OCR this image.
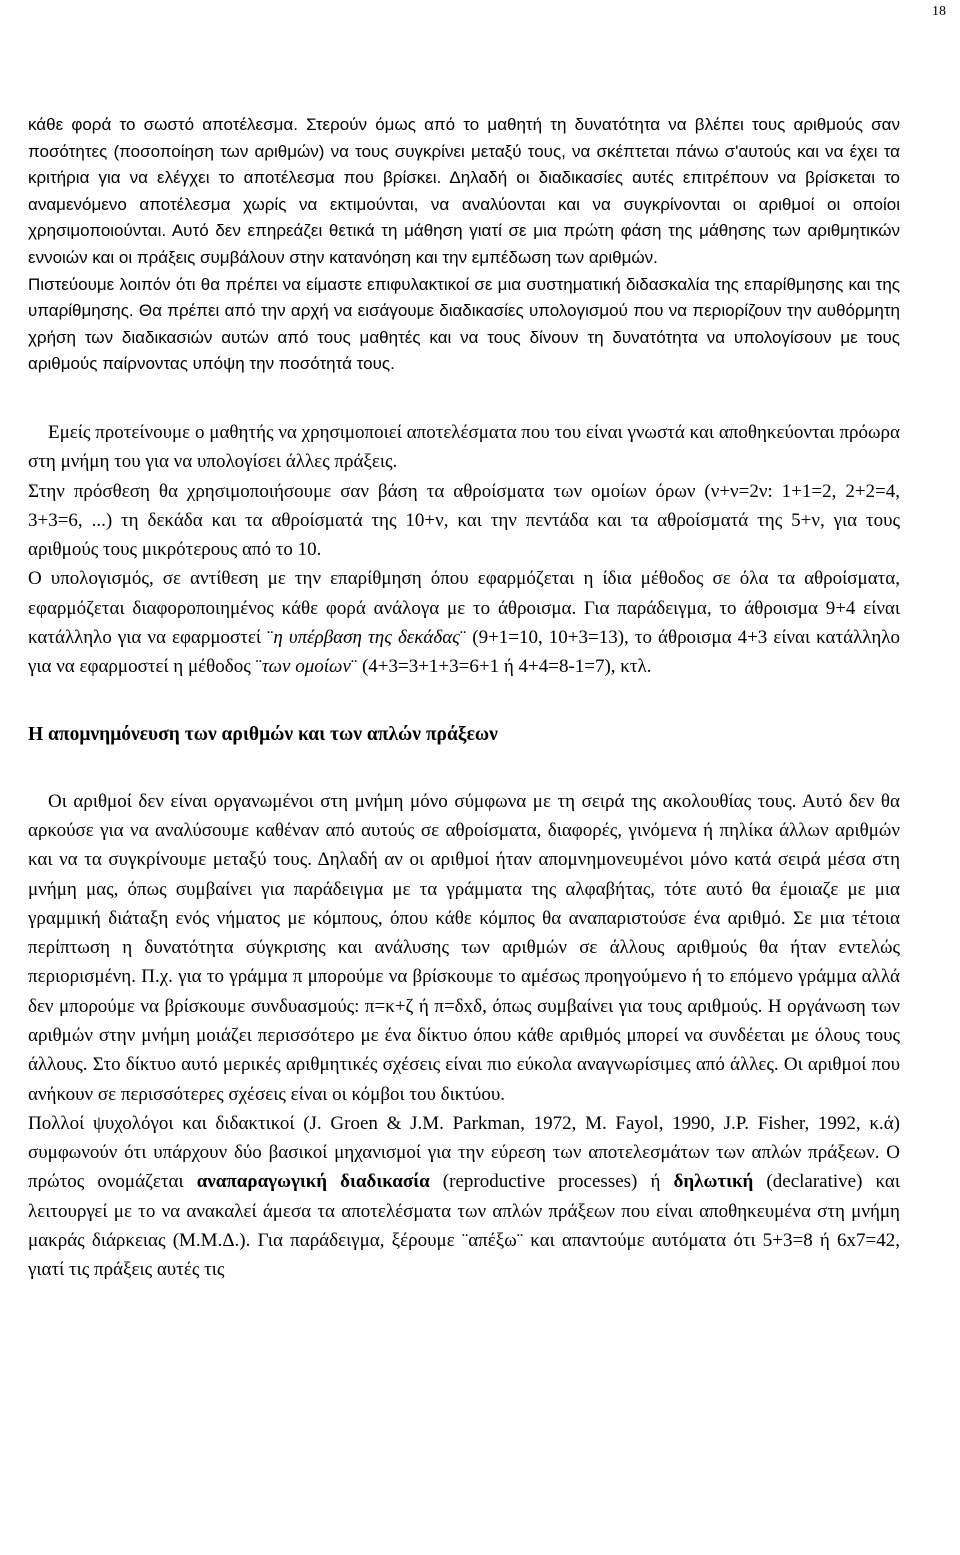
18

κάθε φορά το σωστό αποτέλεσμα. Στερούν όμως από το μαθητή τη δυνατότητα να βλέπει τους αριθμούς σαν ποσότητες (ποσοποίηση των αριθμών) να τους συγκρίνει μεταξύ τους, να σκέπτεται πάνω σ'αυτούς και να έχει τα κριτήρια για να ελέγχει το αποτέλεσμα που βρίσκει. Δηλαδή οι διαδικασίες αυτές επιτρέπουν να βρίσκεται το αναμενόμενο αποτέλεσμα χωρίς να εκτιμούνται, να αναλύονται και να συγκρίνονται οι αριθμοί οι οποίοι χρησιμοποιούνται. Αυτό δεν επηρεάζει θετικά τη μάθηση γιατί σε μια πρώτη φάση της μάθησης των αριθμητικών εννοιών και οι πράξεις συμβάλουν στην κατανόηση και την εμπέδωση των αριθμών.

Πιστεύουμε λοιπόν ότι θα πρέπει να είμαστε επιφυλακτικοί σε μια συστηματική διδασκαλία της επαρίθμησης και της υπαρίθμησης. Θα πρέπει από την αρχή να εισάγουμε διαδικασίες υπολογισμού που να περιορίζουν την αυθόρμητη χρήση των διαδικασιών αυτών από τους μαθητές και να τους δίνουν τη δυνατότητα να υπολογίσουν με τους αριθμούς παίρνοντας υπόψη την ποσότητά τους.

Εμείς προτείνουμε ο μαθητής να χρησιμοποιεί αποτελέσματα που του είναι γνωστά και αποθηκεύονται πρόωρα στη μνήμη του για να υπολογίσει άλλες πράξεις.

Στην πρόσθεση θα χρησιμοποιήσουμε σαν βάση τα αθροίσματα των ομοίων όρων (ν+ν=2ν: 1+1=2, 2+2=4, 3+3=6, ...) τη δεκάδα και τα αθροίσματά της 10+ν, και την πεντάδα και τα αθροίσματά της 5+ν, για τους αριθμούς τους μικρότερους από το 10.

Ο υπολογισμός, σε αντίθεση με την επαρίθμηση όπου εφαρμόζεται η ίδια μέθοδος σε όλα τα αθροίσματα, εφαρμόζεται διαφοροποιημένος κάθε φορά ανάλογα με το άθροισμα. Για παράδειγμα, το άθροισμα 9+4 είναι κατάλληλο για να εφαρμοστεί ¨η υπέρβαση της δεκάδας¨ (9+1=10, 10+3=13), το άθροισμα 4+3 είναι κατάλληλο για να εφαρμοστεί η μέθοδος ¨των ομοίων¨ (4+3=3+1+3=6+1 ή 4+4=8-1=7), κτλ.

Η απομνημόνευση των αριθμών και των απλών πράξεων

Οι αριθμοί δεν είναι οργανωμένοι στη μνήμη μόνο σύμφωνα με τη σειρά της ακολουθίας τους. Αυτό δεν θα αρκούσε για να αναλύσουμε καθέναν από αυτούς σε αθροίσματα, διαφορές, γινόμενα ή πηλίκα άλλων αριθμών και να τα συγκρίνουμε μεταξύ τους. Δηλαδή αν οι αριθμοί ήταν απομνημονευμένοι μόνο κατά σειρά μέσα στη μνήμη μας, όπως συμβαίνει για παράδειγμα με τα γράμματα της αλφαβήτας, τότε αυτό θα έμοιαζε με μια γραμμική διάταξη ενός νήματος με κόμπους, όπου κάθε κόμπος θα αναπαριστούσε ένα αριθμό. Σε μια τέτοια περίπτωση η δυνατότητα σύγκρισης και ανάλυσης των αριθμών σε άλλους αριθμούς θα ήταν εντελώς περιορισμένη. Π.χ. για το γράμμα π μπορούμε να βρίσκουμε το αμέσως προηγούμενο ή το επόμενο γράμμα αλλά δεν μπορούμε να βρίσκουμε συνδυασμούς: π=κ+ζ ή π=δxδ, όπως συμβαίνει για τους αριθμούς. Η οργάνωση των αριθμών στην μνήμη μοιάζει περισσότερο με ένα δίκτυο όπου κάθε αριθμός μπορεί να συνδέεται με όλους τους άλλους. Στο δίκτυο αυτό μερικές αριθμητικές σχέσεις είναι πιο εύκολα αναγνωρίσιμες από άλλες. Οι αριθμοί που ανήκουν σε περισσότερες σχέσεις είναι οι κόμβοι του δικτύου.

Πολλοί ψυχολόγοι και διδακτικοί (J. Groen & J.M. Parkman, 1972, M. Fayol, 1990, J.P. Fisher, 1992, κ.ά) συμφωνούν ότι υπάρχουν δύο βασικοί μηχανισμοί για την εύρεση των αποτελεσμάτων των απλών πράξεων. Ο πρώτος ονομάζεται αναπαραγωγική διαδικασία (reproductive processes) ή δηλωτική (declarative) και λειτουργεί με το να ανακαλεί άμεσα τα αποτελέσματα των απλών πράξεων που είναι αποθηκευμένα στη μνήμη μακράς διάρκειας (Μ.Μ.Δ.). Για παράδειγμα, ξέρουμε ¨απέξω¨ και απαντούμε αυτόματα ότι 5+3=8 ή 6x7=42, γιατί τις πράξεις αυτές τις
